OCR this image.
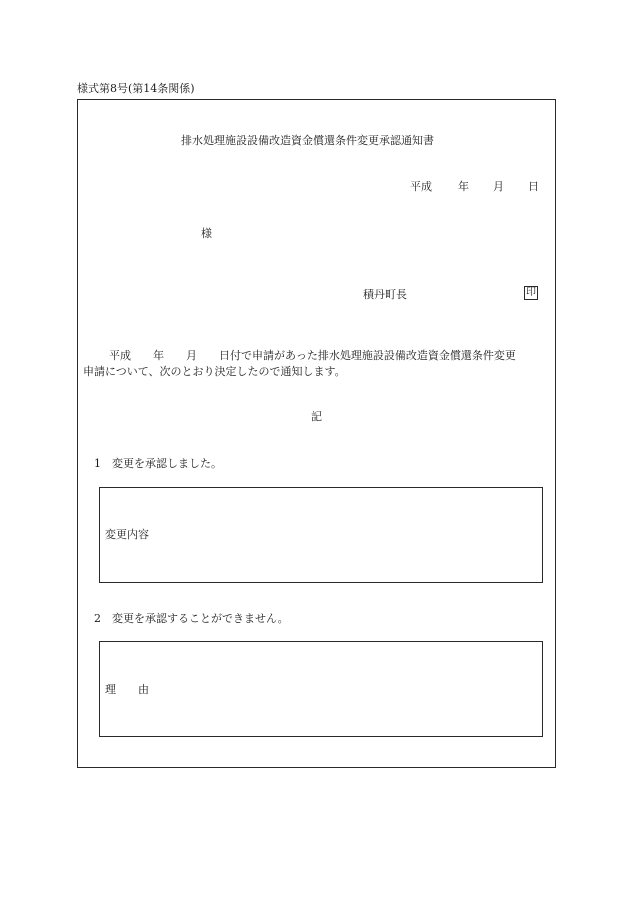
様式第8号(第14条関係)
排水処理施設設備改造資金償還条件変更承認通知書
平成 年 月 日
様
積丹町長	印
平成　　年　　月　　日付で申請があった排水処理施設設備改造資金償還条件変更
申請について、次のとおり決定したので通知します。
記
1　変更を承認しました。
変更内容
2　変更を承認することができません。
理　　由
